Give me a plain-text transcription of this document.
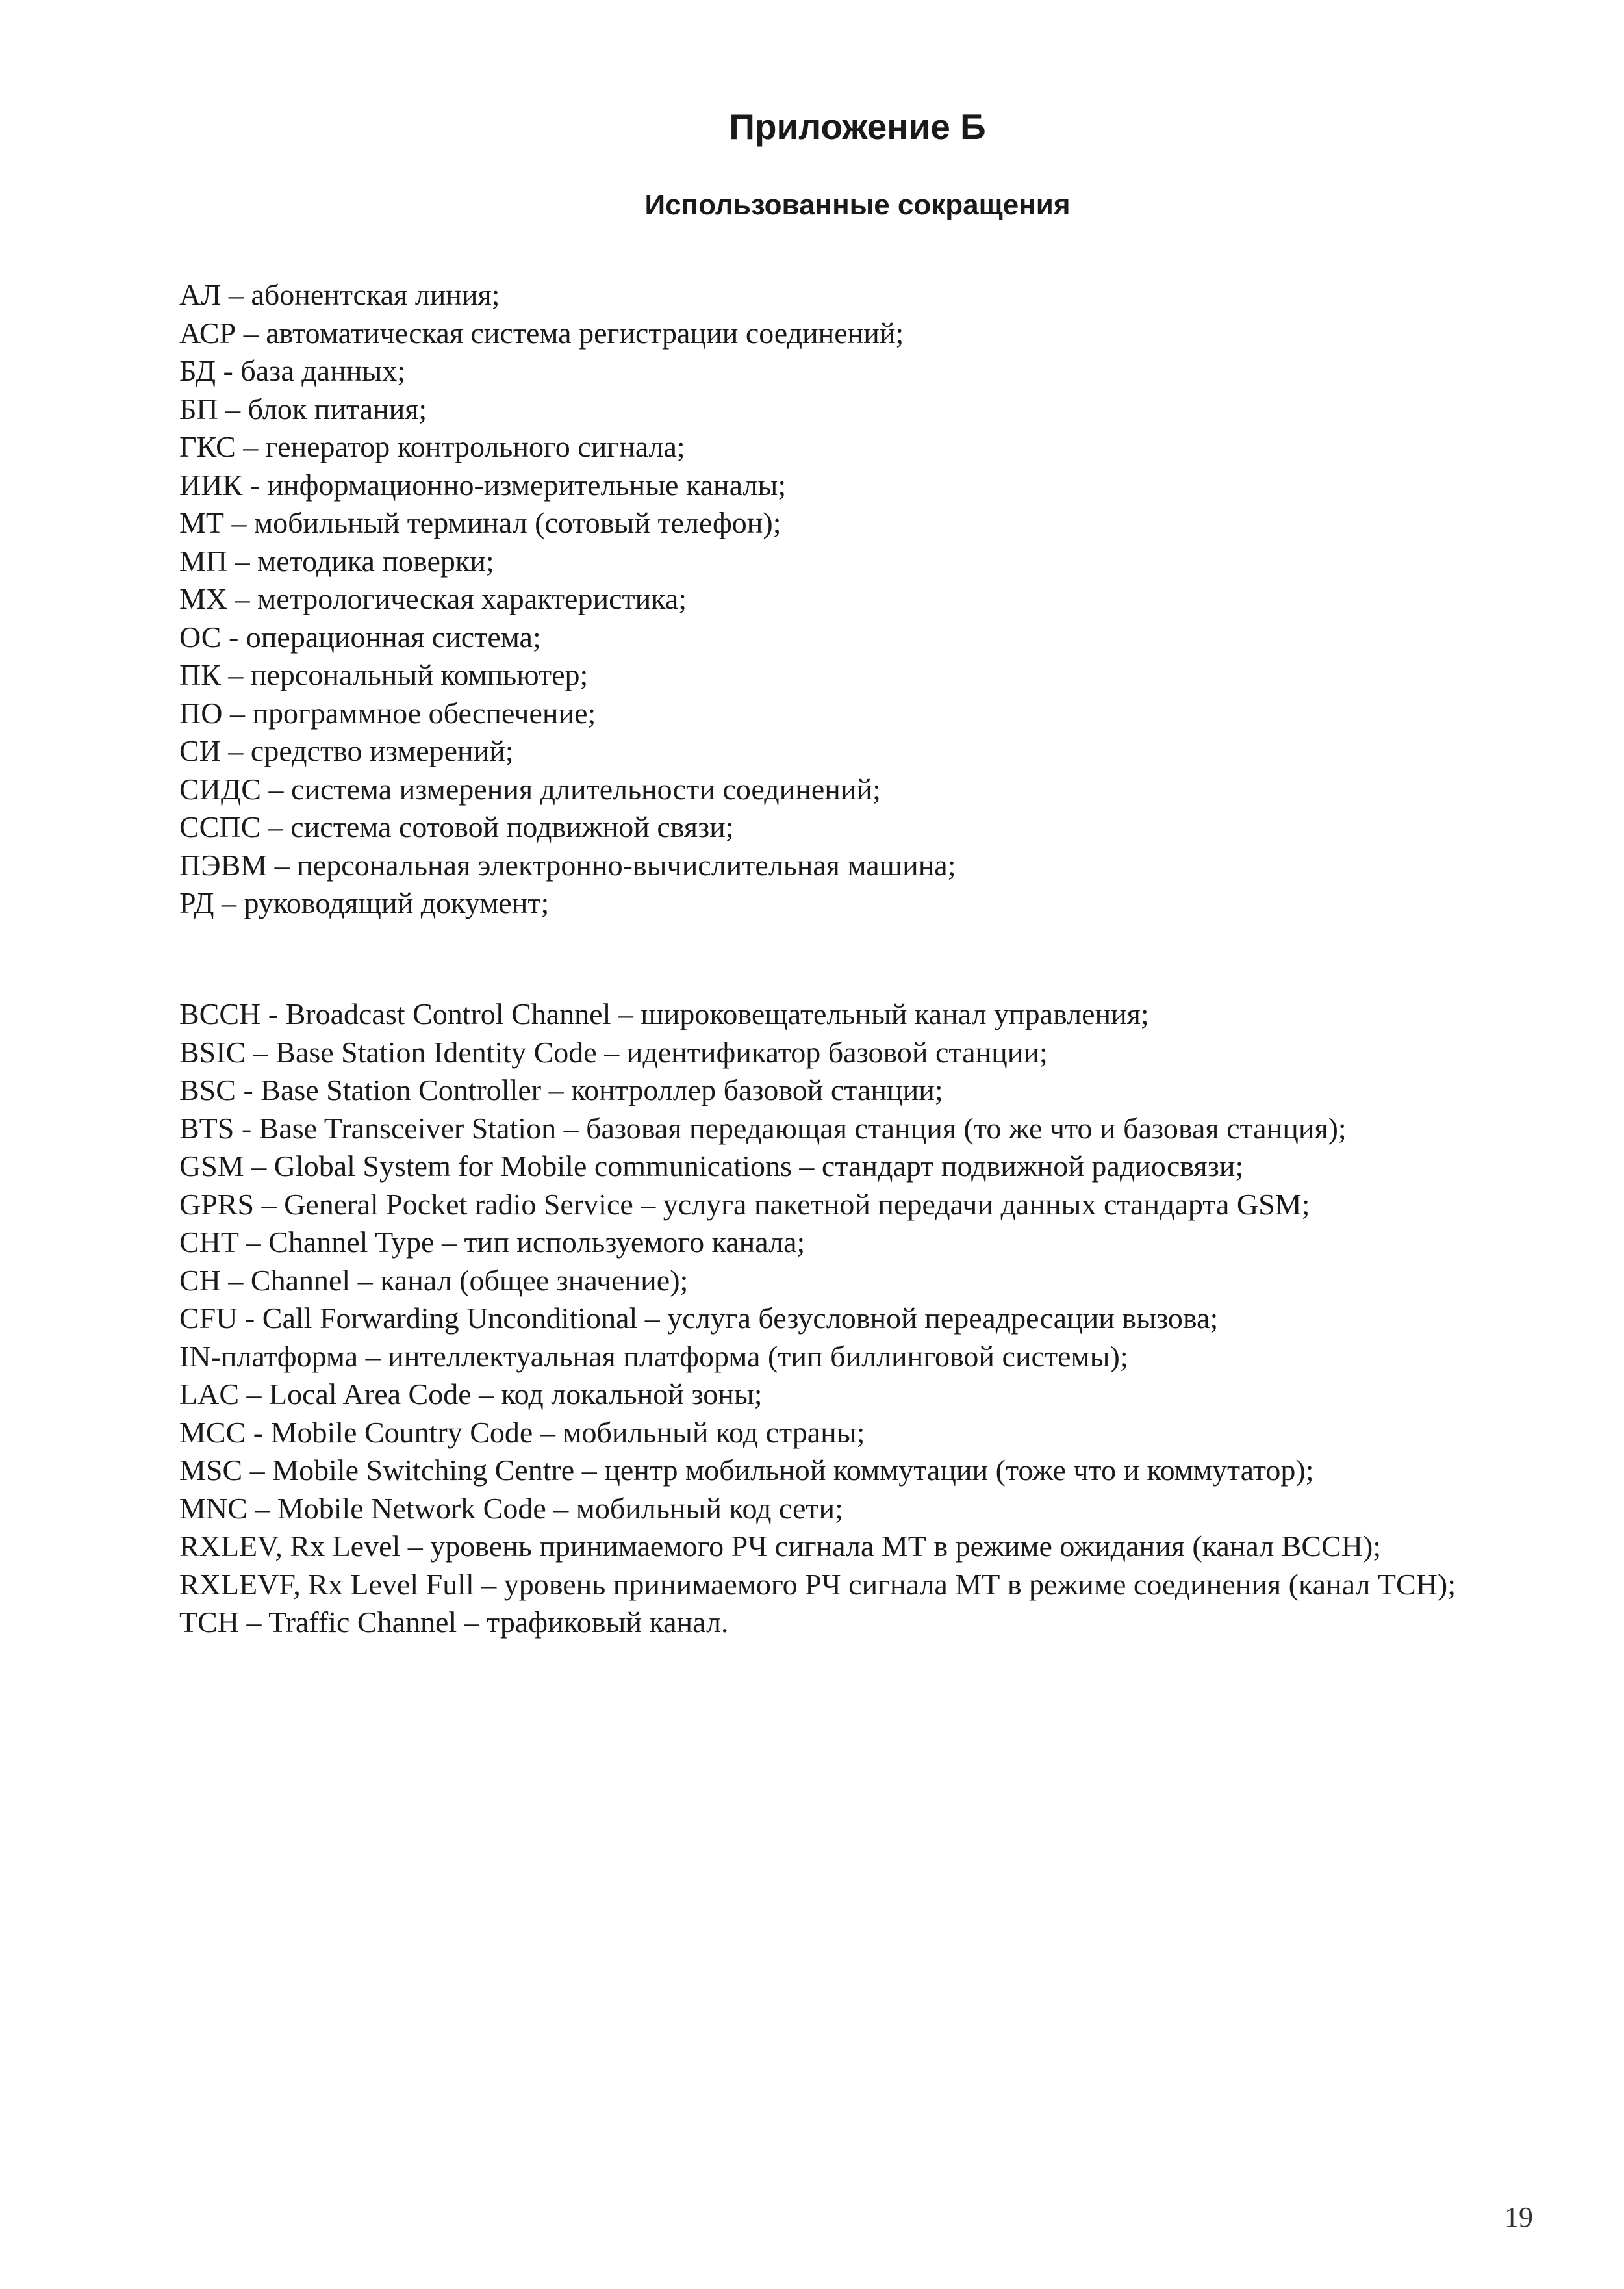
Приложение Б
Использованные сокращения
АЛ – абонентская линия;
АСР – автоматическая система регистрации соединений;
БД - база данных;
БП – блок питания;
ГКС – генератор контрольного сигнала;
ИИК - информационно-измерительные каналы;
МТ – мобильный терминал (сотовый телефон);
МП – методика поверки;
МХ – метрологическая характеристика;
ОС - операционная система;
ПК – персональный компьютер;
ПО – программное обеспечение;
СИ – средство измерений;
СИДС – система измерения длительности соединений;
ССПС – система сотовой подвижной связи;
ПЭВМ – персональная электронно-вычислительная машина;
РД – руководящий документ;
BCCH - Broadcast Control Channel – широковещательный канал управления;
BSIC – Base Station Identity Code – идентификатор базовой станции;
BSC - Base Station Controller – контроллер базовой станции;
BTS - Base Transceiver Station – базовая передающая станция (то же что и базовая станция);
GSM – Global System for Mobile communications – стандарт подвижной радиосвязи;
GPRS – General Pocket radio Service – услуга пакетной передачи данных стандарта GSM;
CHT – Channel Type – тип используемого канала;
CH – Channel – канал (общее значение);
CFU - Call Forwarding Unconditional – услуга безусловной переадресации вызова;
IN-платформа – интеллектуальная платформа (тип биллинговой системы);
LAC – Local Area Code – код локальной зоны;
MCC - Mobile Country Code – мобильный код страны;
MSC – Mobile Switching Centre – центр мобильной коммутации (тоже что и коммутатор);
MNC – Mobile Network Code – мобильный код сети;
RXLEV, Rx Level – уровень принимаемого РЧ сигнала МТ в режиме ожидания (канал BCCH);
RXLEVF, Rx Level Full – уровень принимаемого РЧ сигнала МТ в режиме соединения (канал TCH);
TCH – Traffic Channel – трафиковый канал.
19
